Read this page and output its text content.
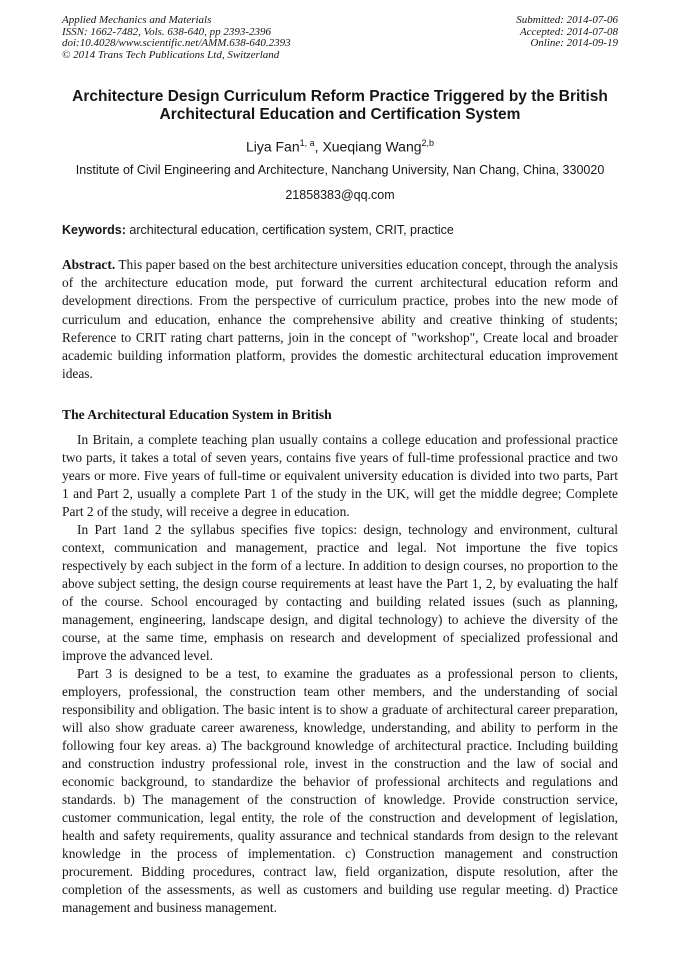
Applied Mechanics and Materials
ISSN: 1662-7482, Vols. 638-640, pp 2393-2396
doi:10.4028/www.scientific.net/AMM.638-640.2393
© 2014 Trans Tech Publications Ltd, Switzerland
Submitted: 2014-07-06
Accepted: 2014-07-08
Online: 2014-09-19
Architecture Design Curriculum Reform Practice Triggered by the British Architectural Education and Certification System
Liya Fan$^{1, a}$, Xueqiang Wang$^{2,b}$
Institute of Civil Engineering and Architecture, Nanchang University, Nan Chang, China, 330020
21858383@qq.com
Keywords: architectural education, certification system, CRIT, practice

Abstract. This paper based on the best architecture universities education concept, through the analysis of the architecture education mode, put forward the current architectural education reform and development directions. From the perspective of curriculum practice, probes into the new mode of curriculum and education, enhance the comprehensive ability and creative thinking of students; Reference to CRIT rating chart patterns, join in the concept of "workshop", Create local and broader academic building information platform, provides the domestic architectural education improvement ideas.

The Architectural Education System in British

In Britain, a complete teaching plan usually contains a college education and professional practice two parts, it takes a total of seven years, contains five years of full-time professional practice and two years or more. Five years of full-time or equivalent university education is divided into two parts, Part 1 and Part 2, usually a complete Part 1 of the study in the UK, will get the middle degree; Complete Part 2 of the study, will receive a degree in education.

In Part 1and 2 the syllabus specifies five topics: design, technology and environment, cultural context, communication and management, practice and legal. Not importune the five topics respectively by each subject in the form of a lecture. In addition to design courses, no proportion to the above subject setting, the design course requirements at least have the Part 1, 2, by evaluating the half of the course. School encouraged by contacting and building related issues (such as planning, management, engineering, landscape design, and digital technology) to achieve the diversity of the course, at the same time, emphasis on research and development of specialized professional and improve the advanced level.

Part 3 is designed to be a test, to examine the graduates as a professional person to clients, employers, professional, the construction team other members, and the understanding of social responsibility and obligation. The basic intent is to show a graduate of architectural career preparation, will also show graduate career awareness, knowledge, understanding, and ability to perform in the following four key areas. a) The background knowledge of architectural practice. Including building and construction industry professional role, invest in the construction and the law of social and economic background, to standardize the behavior of professional architects and regulations and standards. b) The management of the construction of knowledge. Provide construction service, customer communication, legal entity, the role of the construction and development of legislation, health and safety requirements, quality assurance and technical standards from design to the relevant knowledge in the process of implementation. c) Construction management and construction procurement. Bidding procedures, contract law, field organization, dispute resolution, after the completion of the assessments, as well as customers and building use regular meeting. d) Practice management and business management.
